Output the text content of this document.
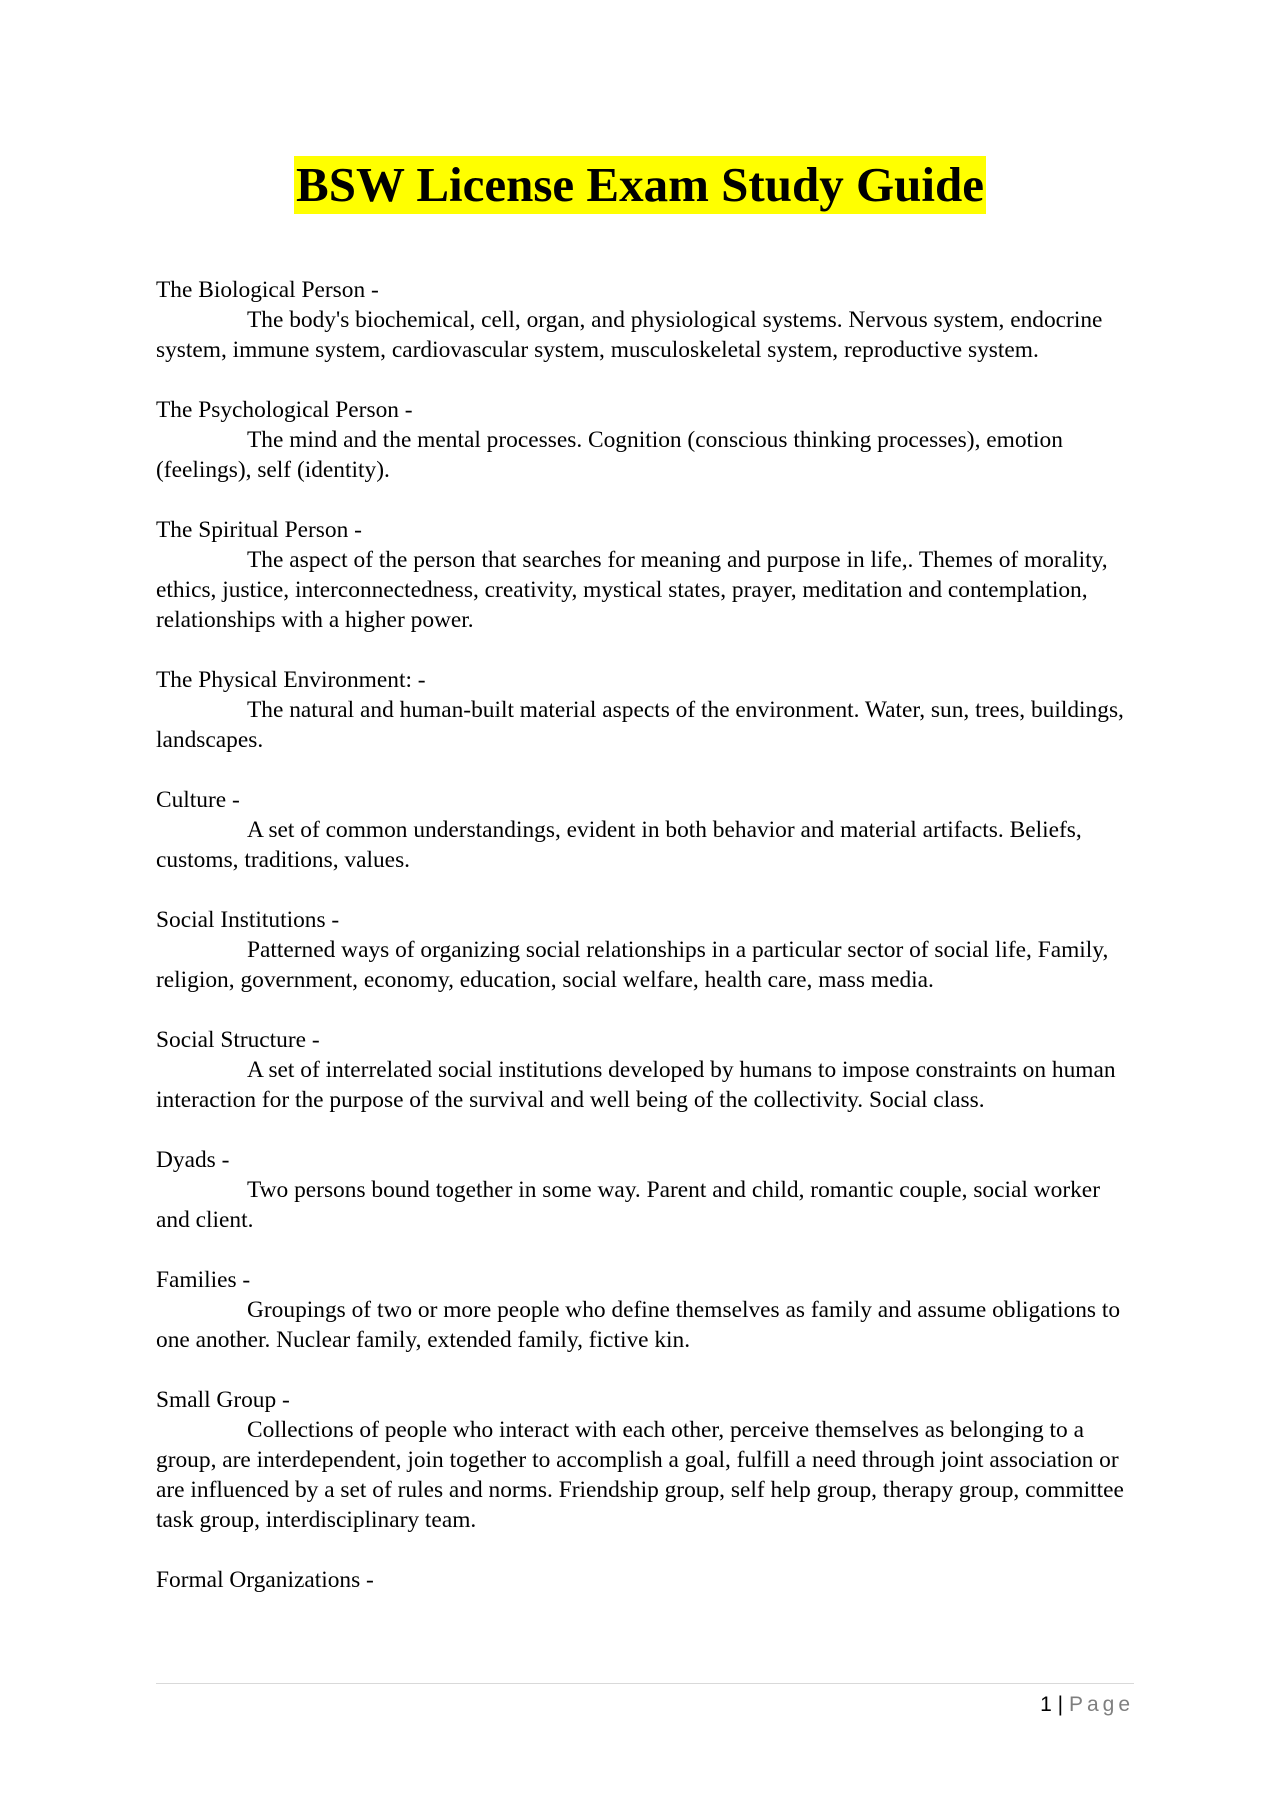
BSW License Exam Study Guide
The Biological Person -
The body's biochemical, cell, organ, and physiological systems. Nervous system, endocrine system, immune system, cardiovascular system, musculoskeletal system, reproductive system.
The Psychological Person -
The mind and the mental processes. Cognition (conscious thinking processes), emotion (feelings), self (identity).
The Spiritual Person -
The aspect of the person that searches for meaning and purpose in life,. Themes of morality, ethics, justice, interconnectedness, creativity, mystical states, prayer, meditation and contemplation, relationships with a higher power.
The Physical Environment: -
The natural and human-built material aspects of the environment. Water, sun, trees, buildings, landscapes.
Culture -
A set of common understandings, evident in both behavior and material artifacts. Beliefs, customs, traditions, values.
Social Institutions -
Patterned ways of organizing social relationships in a particular sector of social life, Family, religion, government, economy, education, social welfare, health care, mass media.
Social Structure -
A set of interrelated social institutions developed by humans to impose constraints on human interaction for the purpose of the survival and well being of the collectivity. Social class.
Dyads -
Two persons bound together in some way. Parent and child, romantic couple, social worker and client.
Families -
Groupings of two or more people who define themselves as family and assume obligations to one another. Nuclear family, extended family, fictive kin.
Small Group -
Collections of people who interact with each other, perceive themselves as belonging to a group, are interdependent, join together to accomplish a goal, fulfill a need through joint association or are influenced by a set of rules and norms. Friendship group, self help group, therapy group, committee task group, interdisciplinary team.
Formal Organizations -
1 | Page
